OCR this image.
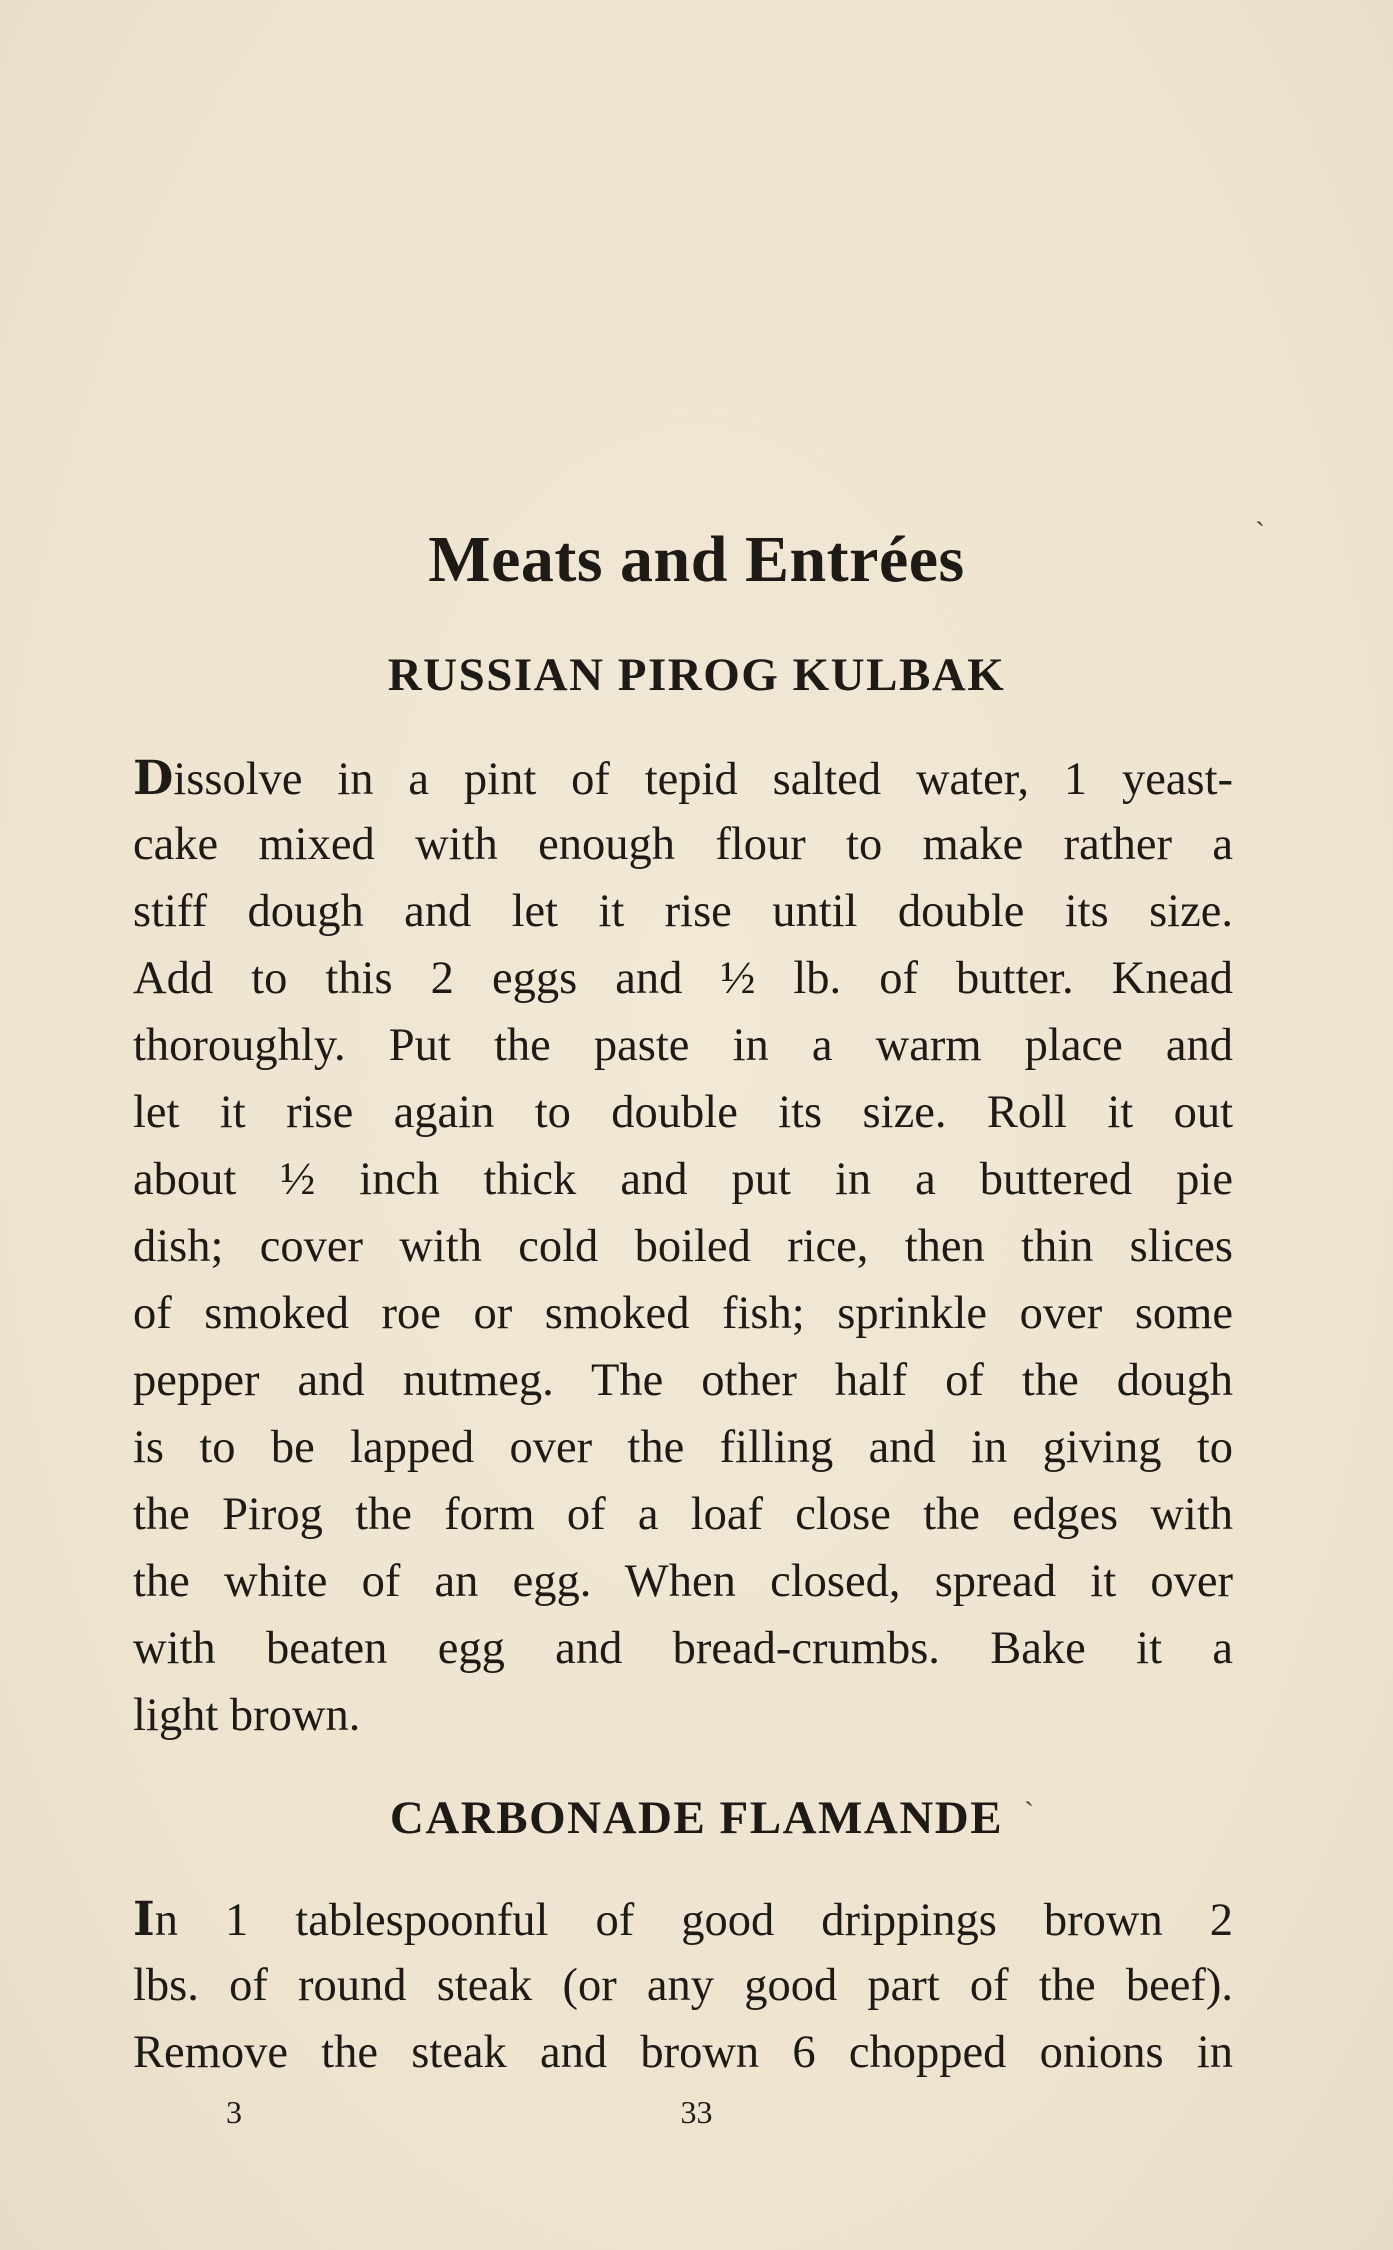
`
Meats and Entrées
RUSSIAN PIROG KULBAK
Dissolve in a pint of tepid salted water, 1 yeast-
cake mixed with enough flour to make rather a
stiff dough and let it rise until double its size.
Add to this 2 eggs and ½ lb. of butter. Knead
thoroughly. Put the paste in a warm place and
let it rise again to double its size. Roll it out
about ½ inch thick and put in a buttered pie
dish; cover with cold boiled rice, then thin slices
of smoked roe or smoked fish; sprinkle over some
pepper and nutmeg. The other half of the dough
is to be lapped over the filling and in giving to
the Pirog the form of a loaf close the edges with
the white of an egg. When closed, spread it over
with beaten egg and bread-crumbs. Bake it a
light brown.
CARBONADE FLAMANDE `
In 1 tablespoonful of good drippings brown 2
lbs. of round steak (or any good part of the beef).
Remove the steak and brown 6 chopped onions in
3	33
